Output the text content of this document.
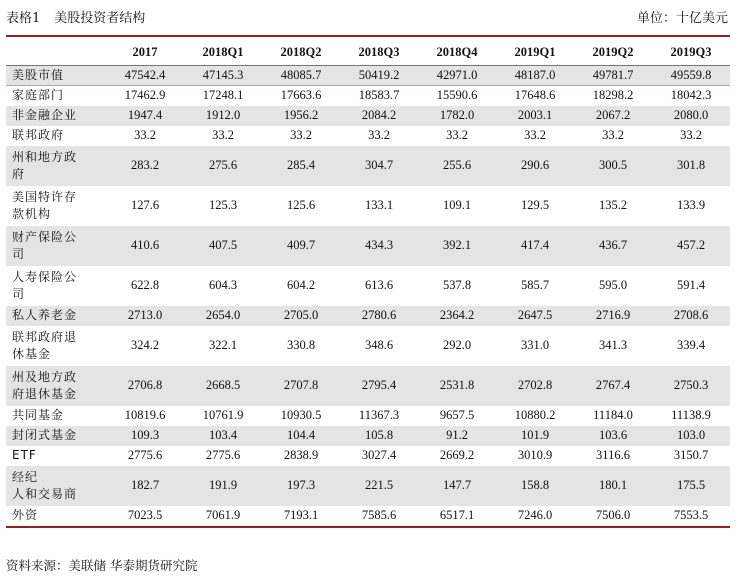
表格1 美股投资者结构	单位：十亿美元
	2017	2018Q1	2018Q2	2018Q3	2018Q4	2019Q1	2019Q2	2019Q3
美股市值	47542.4	47145.3	48085.7	50419.2	42971.0	48187.0	49781.7	49559.8
家庭部门	17462.9	17248.1	17663.6	18583.7	15590.6	17648.6	18298.2	18042.3
非金融企业	1947.4	1912.0	1956.2	2084.2	1782.0	2003.1	2067.2	2080.0
联邦政府	33.2	33.2	33.2	33.2	33.2	33.2	33.2	33.2

州和地方政
府	283.2	275.6	285.4	304.7	255.6	290.6	300.5	301.8

美国特许存
款机构	127.6	125.3	125.6	133.1	109.1	129.5	135.2	133.9

财产保险公
司	410.6	407.5	409.7	434.3	392.1	417.4	436.7	457.2

人寿保险公
司	622.8	604.3	604.2	613.6	537.8	585.7	595.0	591.4
私人养老金	2713.0	2654.0	2705.0	2780.6	2364.2	2647.5	2716.9	2708.6

联邦政府退
休基金	324.2	322.1	330.8	348.6	292.0	331.0	341.3	339.4

州及地方政
府退休基金	2706.8	2668.5	2707.8	2795.4	2531.8	2702.8	2767.4	2750.3
共同基金	10819.6	10761.9	10930.5	11367.3	9657.5	10880.2	11184.0	11138.9
封闭式基金	109.3	103.4	104.4	105.8	91.2	101.9	103.6	103.0
ETF	2775.6	2775.6	2838.9	3027.4	2669.2	3010.9	3116.6	3150.7

经纪
人和交易商	182.7	191.9	197.3	221.5	147.7	158.8	180.1	175.5
外资	7023.5	7061.9	7193.1	7585.6	6517.1	7246.0	7506.0	7553.5
资料来源：美联储 华泰期货研究院
